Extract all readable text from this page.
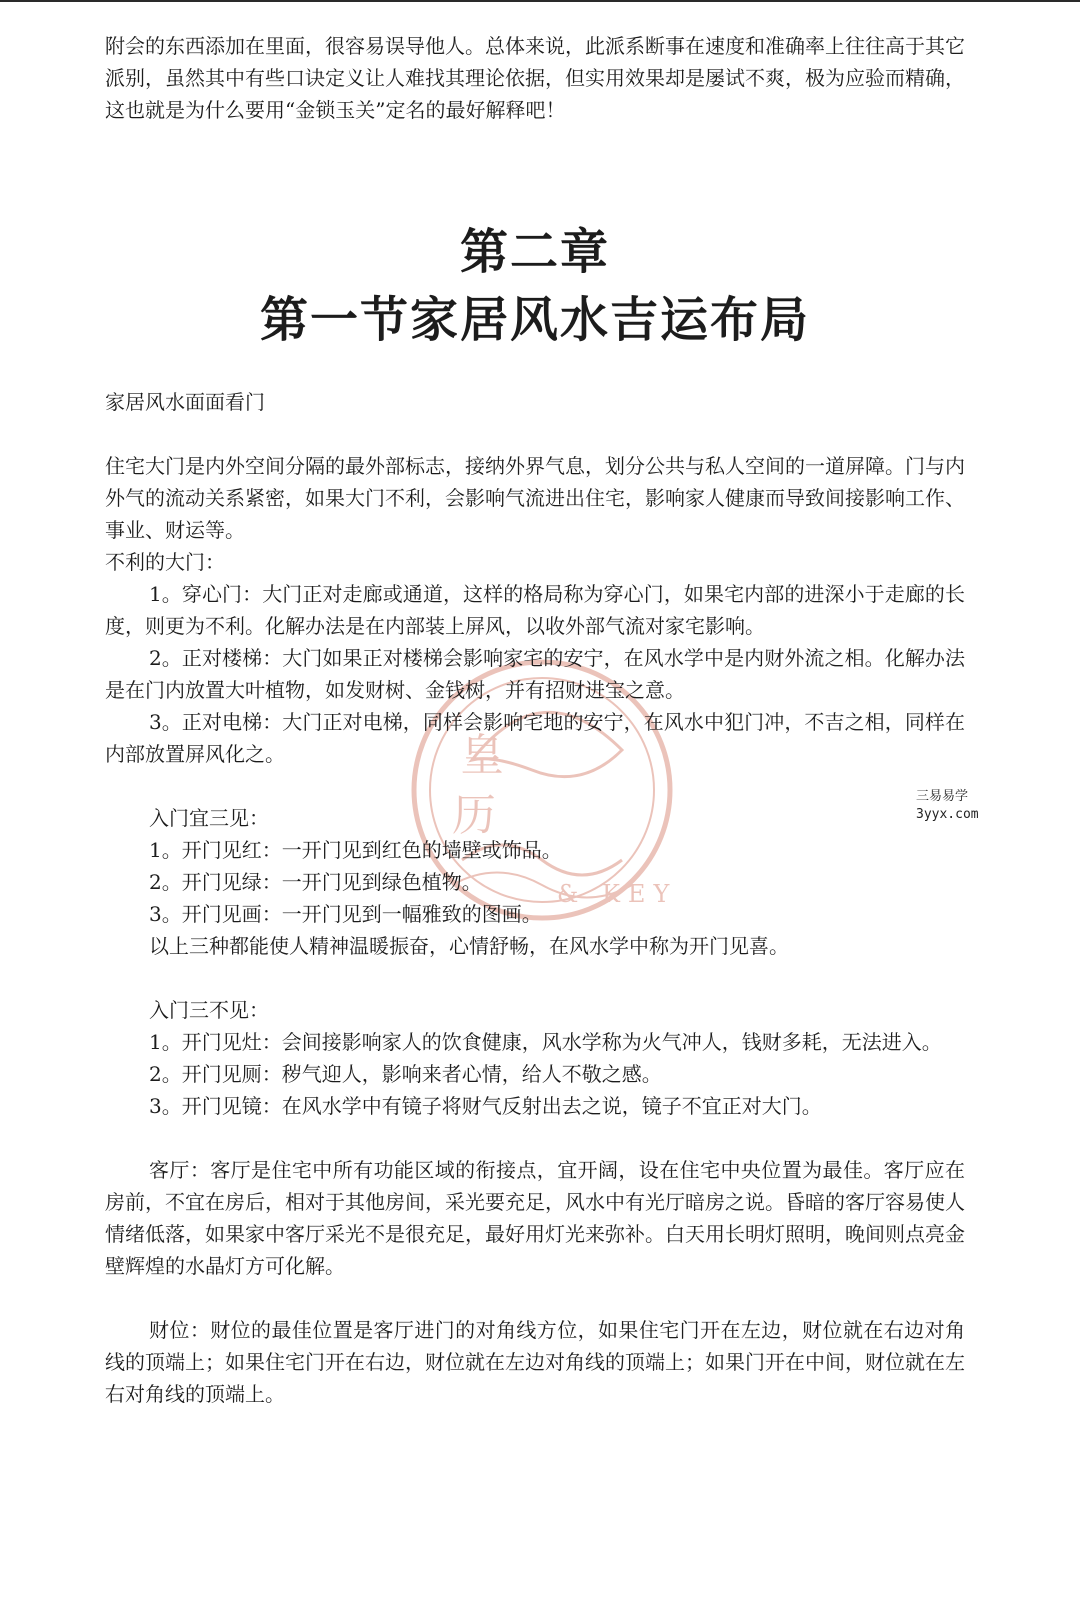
皇
历
& KEY

附会的东西添加在里面，很容易误导他人。总体来说，此派系断事在速度和准确率上往往高于其它派别，虽然其中有些口诀定义让人难找其理论依据，但实用效果却是屡试不爽，极为应验而精确，这也就是为什么要用“金锁玉关”定名的最好解释吧！

第二章
第一节家居风水吉运布局

家居风水面面看门

住宅大门是内外空间分隔的最外部标志，接纳外界气息，划分公共与私人空间的一道屏障。门与内外气的流动关系紧密，如果大门不利，会影响气流进出住宅，影响家人健康而导致间接影响工作、事业、财运等。

不利的大门：

1。穿心门：大门正对走廊或通道，这样的格局称为穿心门，如果宅内部的进深小于走廊的长度，则更为不利。化解办法是在内部装上屏风，以收外部气流对家宅影响。

2。正对楼梯：大门如果正对楼梯会影响家宅的安宁，在风水学中是内财外流之相。化解办法是在门内放置大叶植物，如发财树、金钱树，并有招财进宝之意。

3。正对电梯：大门正对电梯，同样会影响宅地的安宁，在风水中犯门冲，不吉之相，同样在内部放置屏风化之。

入门宜三见：

1。开门见红：一开门见到红色的墙壁或饰品。

2。开门见绿：一开门见到绿色植物。

3。开门见画：一开门见到一幅雅致的图画。

以上三种都能使人精神温暖振奋，心情舒畅，在风水学中称为开门见喜。

入门三不见：

1。开门见灶：会间接影响家人的饮食健康，风水学称为火气冲人，钱财多耗，无法进入。

2。开门见厕：秽气迎人，影响来者心情，给人不敬之感。

3。开门见镜：在风水学中有镜子将财气反射出去之说，镜子不宜正对大门。

客厅：客厅是住宅中所有功能区域的衔接点，宜开阔，设在住宅中央位置为最佳。客厅应在房前，不宜在房后，相对于其他房间，采光要充足，风水中有光厅暗房之说。昏暗的客厅容易使人情绪低落，如果家中客厅采光不是很充足，最好用灯光来弥补。白天用长明灯照明，晚间则点亮金壁辉煌的水晶灯方可化解。

财位：财位的最佳位置是客厅进门的对角线方位，如果住宅门开在左边，财位就在右边对角线的顶端上；如果住宅门开在右边，财位就在左边对角线的顶端上；如果门开在中间，财位就在左右对角线的顶端上。

三易易学
3yyx.com
